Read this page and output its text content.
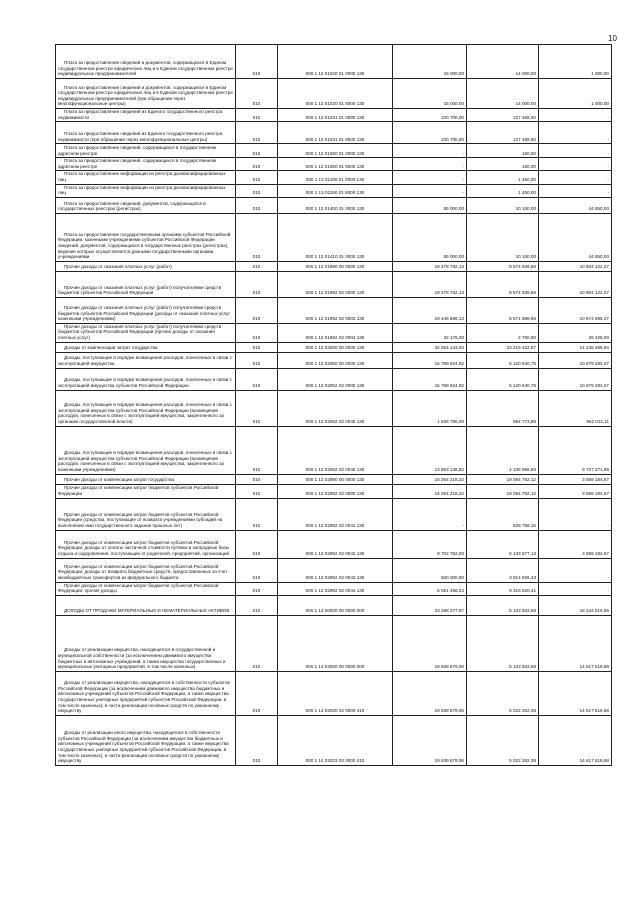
10
Плата за предоставление сведений и документов, содержащихся в Едином государственном реестре юридических лиц и в Едином государственном реестре индивидуальных предпринимателей	010	000 1 13 01020 01 0000 130	15 000,00	14 000,00	1 000,00

Плата за предоставление сведений и документов, содержащихся в Едином государственном реестре юридических лиц и в Едином государственном реестре индивидуальных предпринимателей (при обращении через многофункциональные центры)	010	000 1 13 01020 01 8000 130	15 000,00	14 000,00	1 000,00

Плата за предоставление сведений из Единого государственного реестра недвижимости	010	000 1 13 01031 01 0000 130	100 700,00	127 469,50	-

Плата за предоставление сведений из Единого государственного реестра недвижимости (при обращении через многофункциональные центры)	010	000 1 13 01031 01 8000 130	100 700,00	127 469,50	-

Плата за предоставление сведений, содержащихся в государственном адресном реестре	010	000 1 13 01060 01 0000 130	-	160,00	-

Плата за предоставление сведений, содержащихся в государственном адресном реестре	010	000 1 13 01060 01 8000 130	-	160,00	-

Плата за предоставление информации из реестра дисквалифицированных лиц	010	000 1 13 01190 01 0000 130	-	1 450,00	-

Плата за предоставление информации из реестра дисквалифицированных лиц	010	000 1 13 01190 01 6000 130	-	1 450,00	-

Плата за предоставление сведений, документов, содержащихся в государственных реестрах (регистрах)	010	000 1 13 01400 01 0000 130	55 000,00	10 150,00	44 850,00

Плата за предоставление государственными органами субъектов Российской Федерации, казенными учреждениями субъектов Российской Федерации сведений, документов, содержащихся в государственных реестрах (регистрах), ведение которых осуществляется данными государственными органами, учреждениями	010	000 1 13 01410 01 0000 130	55 000,00	10 150,00	44 850,00

Прочие доходы от оказания платных услуг (работ)	010	000 1 13 01990 00 0000 130	19 478 762,13	8 574 639,86	10 904 122,27

Прочие доходы от оказания платных услуг (работ) получателями средств бюджетов субъектов Российской Федерации	010	000 1 13 01992 02 0000 130	19 478 762,13	8 574 639,86	10 904 122,27

Прочие доходы от оказания платных услуг (работ) получателями средств бюджетов субъектов Российской Федерации (доходы от оказания платных услуг казенными учреждениями)	010	000 1 13 01992 02 0003 130	19 446 586,13	8 571 889,86	10 874 696,27

Прочие доходы от оказания платных услуг (работ) получателями средств бюджетов субъектов Российской Федерации (прочие доходы от оказания платных услуг)	010	000 1 13 01992 02 0004 130	32 176,00	2 750,00	29 426,00

Доходы от компенсации затрат государства	010	000 1 13 02000 00 0000 130	32 064 143,04	23 215 422,67	14 248 468,94

Доходы, поступающие в порядке возмещения расходов, понесенных в связи с эксплуатацией имущества	010	000 1 13 02060 00 0000 130	15 799 924,82	5 120 640,75	10 679 284,07

Доходы, поступающие в порядке возмещения расходов, понесенных в связи с эксплуатацией имущества субъектов Российской Федерации	010	000 1 13 02062 02 0000 130	15 799 924,82	5 120 640,75	10 679 284,07

Доходы, поступающие в порядке возмещения расходов, понесенных в связи с эксплуатацией имущества субъектов Российской Федерации (возмещение расходов, понесенных в связи с эксплуатацией имущества, закрепленного за органами государственной власти)	010	000 1 13 02062 02 0045 130	1 936 786,00	984 773,89	952 012,11

Доходы, поступающие в порядке возмещения расходов, понесенных в связи с эксплуатацией имущества субъектов Российской Федерации (возмещение расходов, понесенных в связи с эксплуатацией имущества, закрепленного за казенными учреждениями)	010	000 1 13 02062 02 0046 130	13 863 138,82	4 135 866,86	9 727 271,96

Прочие доходы от компенсации затрат государства	010	000 1 13 02990 00 0000 130	16 264 218,22	19 094 782,12	3 569 184,87

Прочие доходы от компенсации затрат бюджетов субъектов Российской Федерации	010	000 1 13 02992 02 0000 130	16 264 218,22	19 094 782,12	3 569 184,87

Прочие доходы от компенсации затрат бюджетов субъектов Российской Федерации (средства, поступающие от возврата учреждениями субсидий на выполнение ими государственного задания прошлых лет)	010	000 1 13 02992 02 0041 130	-	629 758,15	-

Прочие доходы от компенсации затрат бюджетов субъектов Российской Федерации: доходы от оплаты частичной стоимости путевок в загородные базы отдыха и оздоровления, поступающие от родителей, предприятий, организаций	010	000 1 13 02992 02 0042 130	9 702 762,00	6 133 577,13	3 569 184,87

Прочие доходы от компенсации затрат бюджетов субъектов Российской Федерации: доходы от возврата бюджетных средств, предоставленных за счет межбюджетных трансфертов из федерального бюджета	010	000 1 13 02992 02 0043 130	500 000,00	3 014 926,43	-

Прочие доходы от компенсации затрат бюджетов субъектов Российской Федерации: прочие доходы	010	000 1 13 02992 02 0044 130	6 061 456,22	9 316 520,41	-

ДОХОДЫ ОТ ПРОДАЖИ МАТЕРИАЛЬНЫХ И НЕМАТЕРИАЛЬНЫХ АКТИВОВ	010	000 1 14 00000 00 0000 000	23 288 277,97	5 133 833,68	18 244 015,59

Доходы от реализации имущества, находящегося в государственной и муниципальной собственности (за исключением движимого имущества бюджетных и автономных учреждений, а также имущества государственных и муниципальных унитарных предприятий, в том числе казенных)	010	000 1 14 02000 00 0000 000	19 639 879,06	5 133 833,68	14 617 616,68

Доходы от реализации имущества, находящегося в собственности субъектов Российской Федерации (за исключением движимого имущества бюджетных и автономных учреждений субъектов Российской Федерации, а также имущества государственных унитарных предприятий субъектов Российской Федерации, в том числе казенных), в части реализации основных средств по указанному имуществу	010	000 1 14 02020 02 0000 410	19 639 879,06	5 022 262,38	14 617 616,68

Доходы от реализации иного имущества, находящегося в собственности субъектов Российской Федерации (за исключением имущества бюджетных и автономных учреждений субъектов Российской Федерации, а также имущества государственных унитарных предприятий субъектов Российской Федерации, в том числе казенных), в части реализации основных средств по указанному имуществу	010	000 1 14 02023 02 0000 410	19 639 879,06	5 022 262,38	14 617 616,68
